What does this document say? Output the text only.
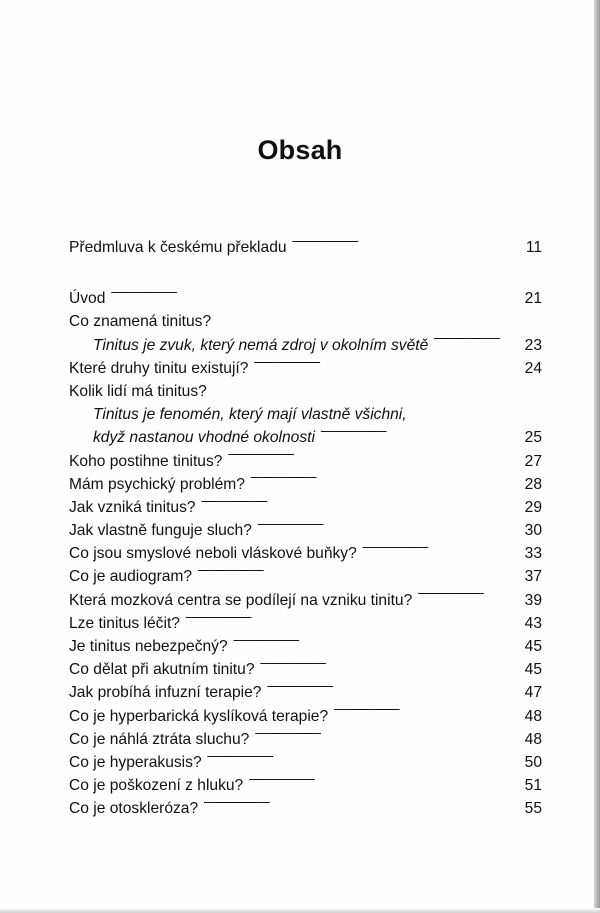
Obsah
Předmluva k českému překladu . . .	11
Úvod . . .	21
Co znamená tinitus?
Tinitus je zvuk, který nemá zdroj v okolním světě . . .	23
Které druhy tinitu existují? . . .	24
Kolik lidí má tinitus?
Tinitus je fenomén, který mají vlastně všichni,
když nastanou vhodné okolnosti . . .	25
Koho postihne tinitus? . . .	27
Mám psychický problém? . . .	28
Jak vzniká tinitus? . . .	29
Jak vlastně funguje sluch? . . .	30
Co jsou smyslové neboli vláskové buňky? . . .	33
Co je audiogram? . . .	37
Která mozková centra se podílejí na vzniku tinitu? . . .	39
Lze tinitus léčit? . . .	43
Je tinitus nebezpečný? . . .	45
Co dělat při akutním tinitu? . . .	45
Jak probíhá infuzní terapie? . . .	47
Co je hyperbarická kyslíková terapie? . . .	48
Co je náhlá ztráta sluchu? . . .	48
Co je hyperakusis? . . .	50
Co je poškození z hluku? . . .	51
Co je otoskleróza? . . .	55
